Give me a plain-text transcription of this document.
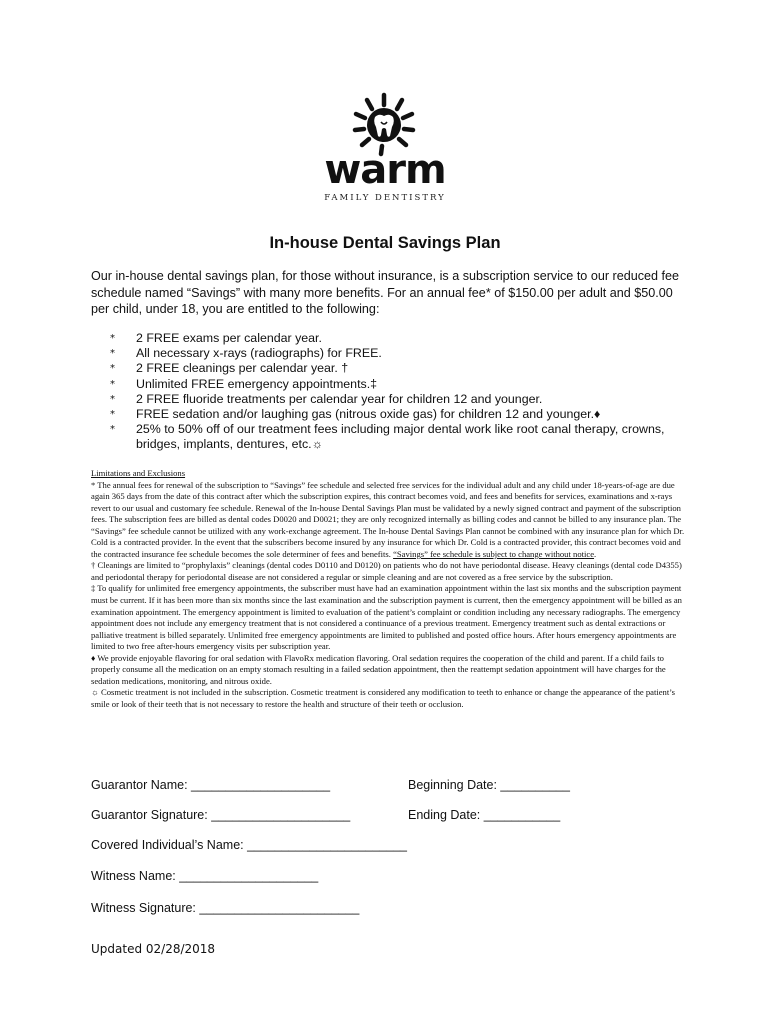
warm
FAMILY DENTISTRY
In-house Dental Savings Plan
Our in-house dental savings plan, for those without insurance, is a subscription service to our reduced fee schedule named “Savings” with many more benefits. For an annual fee* of $150.00 per adult and $50.00 per child, under 18, you are entitled to the following:
* 2 FREE exams per calendar year.
* All necessary x-rays (radiographs) for FREE.
* 2 FREE cleanings per calendar year. †
* Unlimited FREE emergency appointments.‡
* 2 FREE fluoride treatments per calendar year for children 12 and younger.
* FREE sedation and/or laughing gas (nitrous oxide gas) for children 12 and younger.♦
* 25% to 50% off of our treatment fees including major dental work like root canal therapy, crowns, bridges, implants, dentures, etc.☼

Limitations and Exclusions

* The annual fees for renewal of the subscription to “Savings” fee schedule and selected free services for the individual adult and any child under 18-years-of-age are due again 365 days from the date of this contract after which the subscription expires, this contract becomes void, and fees and benefits for services, examinations and x-rays revert to our usual and customary fee schedule. Renewal of the In-house Dental Savings Plan must be validated by a newly signed contract and payment of the subscription fees. The subscription fees are billed as dental codes D0020 and D0021; they are only recognized internally as billing codes and cannot be billed to any insurance plan. The “Savings” fee schedule cannot be utilized with any work-exchange agreement. The In-house Dental Savings Plan cannot be combined with any insurance plan for which Dr. Cold is a contracted provider. In the event that the subscribers become insured by any insurance for which Dr. Cold is a contracted provider, this contract becomes void and the contracted insurance fee schedule becomes the sole determiner of fees and benefits. “Savings” fee schedule is subject to change without notice.

† Cleanings are limited to “prophylaxis” cleanings (dental codes D0110 and D0120) on patients who do not have periodontal disease. Heavy cleanings (dental code D4355) and periodontal therapy for periodontal disease are not considered a regular or simple cleaning and are not covered as a free service by the subscription.

‡ To qualify for unlimited free emergency appointments, the subscriber must have had an examination appointment within the last six months and the subscription payment must be current. If it has been more than six months since the last examination and the subscription payment is current, then the emergency appointment will be billed as an examination appointment. The emergency appointment is limited to evaluation of the patient’s complaint or condition including any necessary radiographs. The emergency appointment does not include any emergency treatment that is not considered a continuance of a previous treatment. Emergency treatment such as dental extractions or palliative treatment is billed separately. Unlimited free emergency appointments are limited to published and posted office hours. After hours emergency appointments are limited to two free after-hours emergency visits per subscription year.

♦ We provide enjoyable flavoring for oral sedation with FlavoRx medication flavoring. Oral sedation requires the cooperation of the child and parent. If a child fails to properly consume all the medication on an empty stomach resulting in a failed sedation appointment, then the reattempt sedation appointment will have charges for the sedation medications, monitoring, and nitrous oxide.

☼ Cosmetic treatment is not included in the subscription. Cosmetic treatment is considered any modification to teeth to enhance or change the appearance of the patient’s smile or look of their teeth that is not necessary to restore the health and structure of their teeth or occlusion.

Guarantor Name: ____________________	Beginning Date: __________
Guarantor Signature: ____________________	Ending Date: ___________
Covered Individual’s Name: _______________________
Witness Name: ____________________
Witness Signature: _______________________
Updated 02/28/2018
